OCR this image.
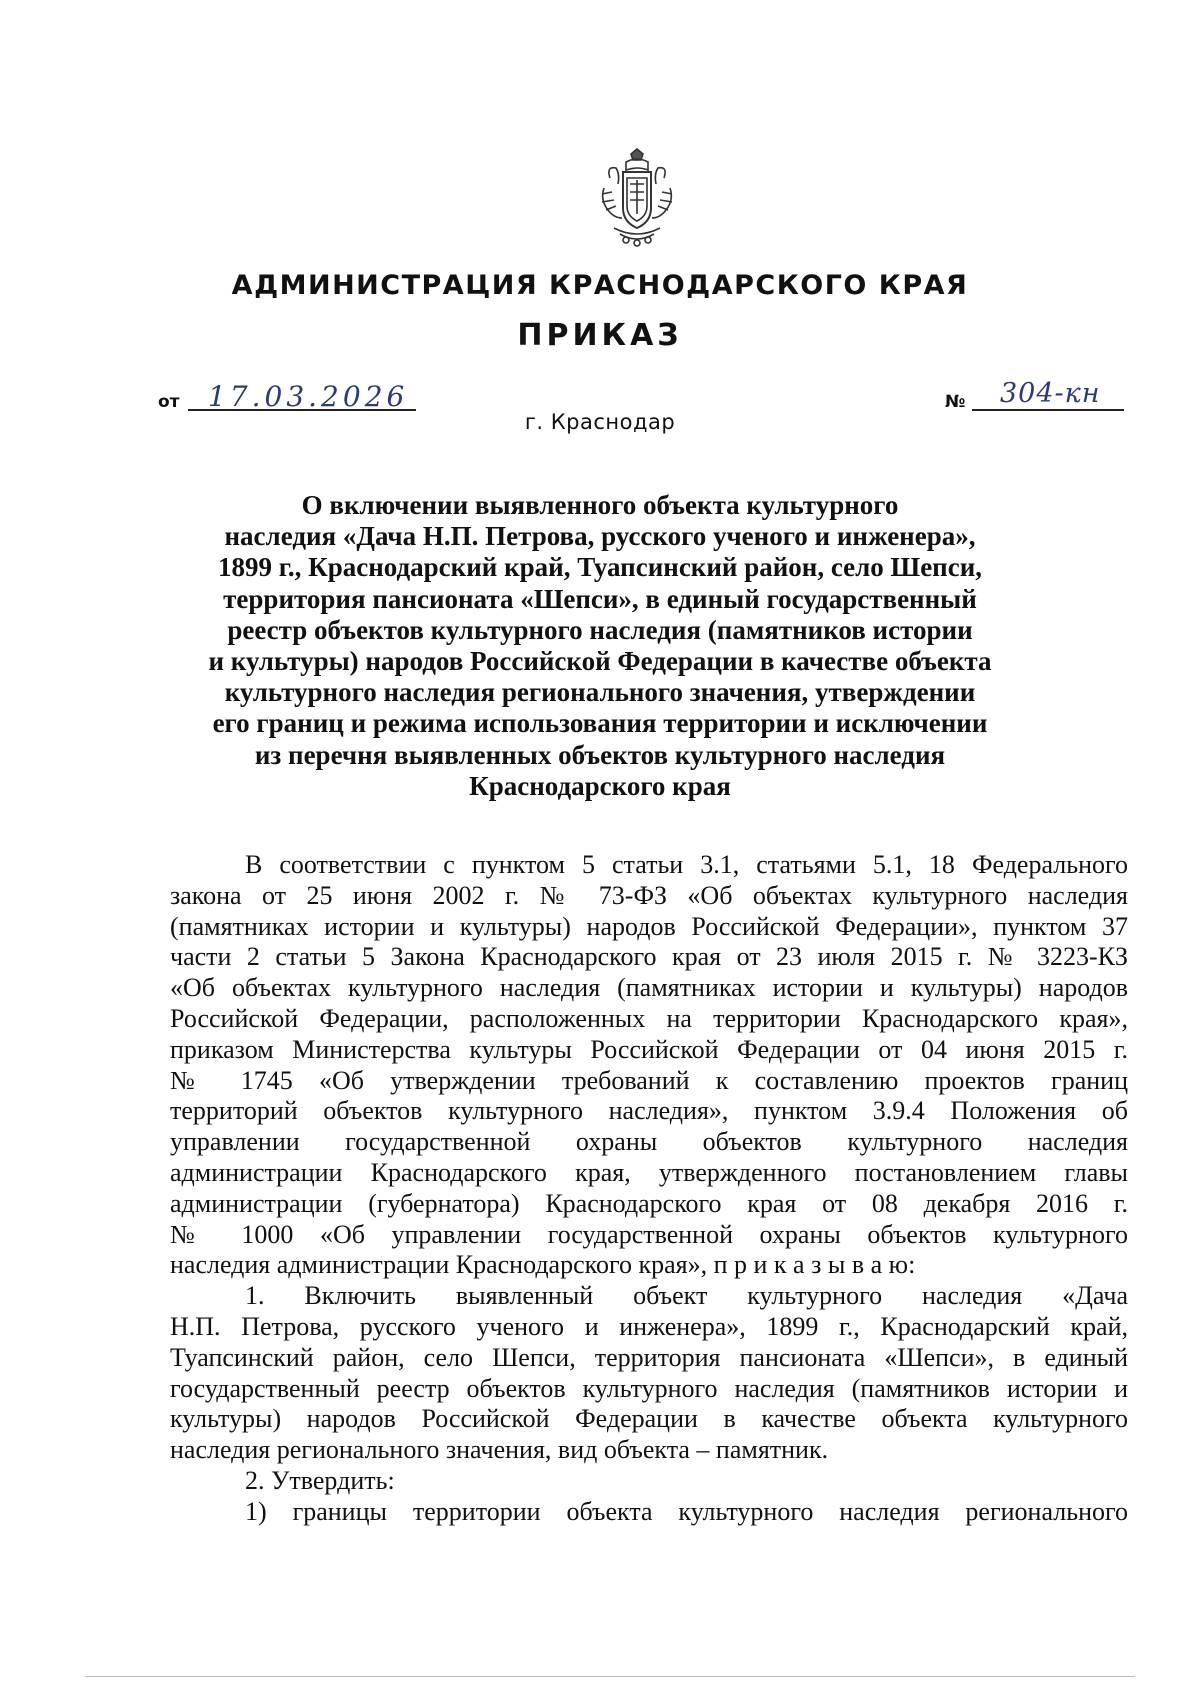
АДМИНИСТРАЦИЯ КРАСНОДАРСКОГО КРАЯ
ПРИКАЗ
от 17.03.2026	№ 304-кн
г. Краснодар
О включении выявленного объекта культурного
наследия «Дача Н.П. Петрова, русского ученого и инженера»,
1899 г., Краснодарский край, Туапсинский район, село Шепси,
территория пансионата «Шепси», в единый государственный
реестр объектов культурного наследия (памятников истории
и культуры) народов Российской Федерации в качестве объекта
культурного наследия регионального значения, утверждении
его границ и режима использования территории и исключении
из перечня выявленных объектов культурного наследия
Краснодарского края
В соответствии с пунктом 5 статьи 3.1, статьями 5.1, 18 Федерального
закона от 25 июня 2002 г. № 73-ФЗ «Об объектах культурного наследия
(памятниках истории и культуры) народов Российской Федерации», пунктом 37
части 2 статьи 5 Закона Краснодарского края от 23 июля 2015 г. № 3223-КЗ
«Об объектах культурного наследия (памятниках истории и культуры) народов
Российской Федерации, расположенных на территории Краснодарского края»,
приказом Министерства культуры Российской Федерации от 04 июня 2015 г.
№ 1745 «Об утверждении требований к составлению проектов границ
территорий объектов культурного наследия», пунктом 3.9.4 Положения об
управлении государственной охраны объектов культурного наследия
администрации Краснодарского края, утвержденного постановлением главы
администрации (губернатора) Краснодарского края от 08 декабря 2016 г.
№ 1000 «Об управлении государственной охраны объектов культурного
наследия администрации Краснодарского края», п р и к а з ы в а ю:
1. Включить выявленный объект культурного наследия «Дача
Н.П. Петрова, русского ученого и инженера», 1899 г., Краснодарский край,
Туапсинский район, село Шепси, территория пансионата «Шепси», в единый
государственный реестр объектов культурного наследия (памятников истории и
культуры) народов Российской Федерации в качестве объекта культурного
наследия регионального значения, вид объекта – памятник.
2. Утвердить:
1) границы территории объекта культурного наследия регионального
